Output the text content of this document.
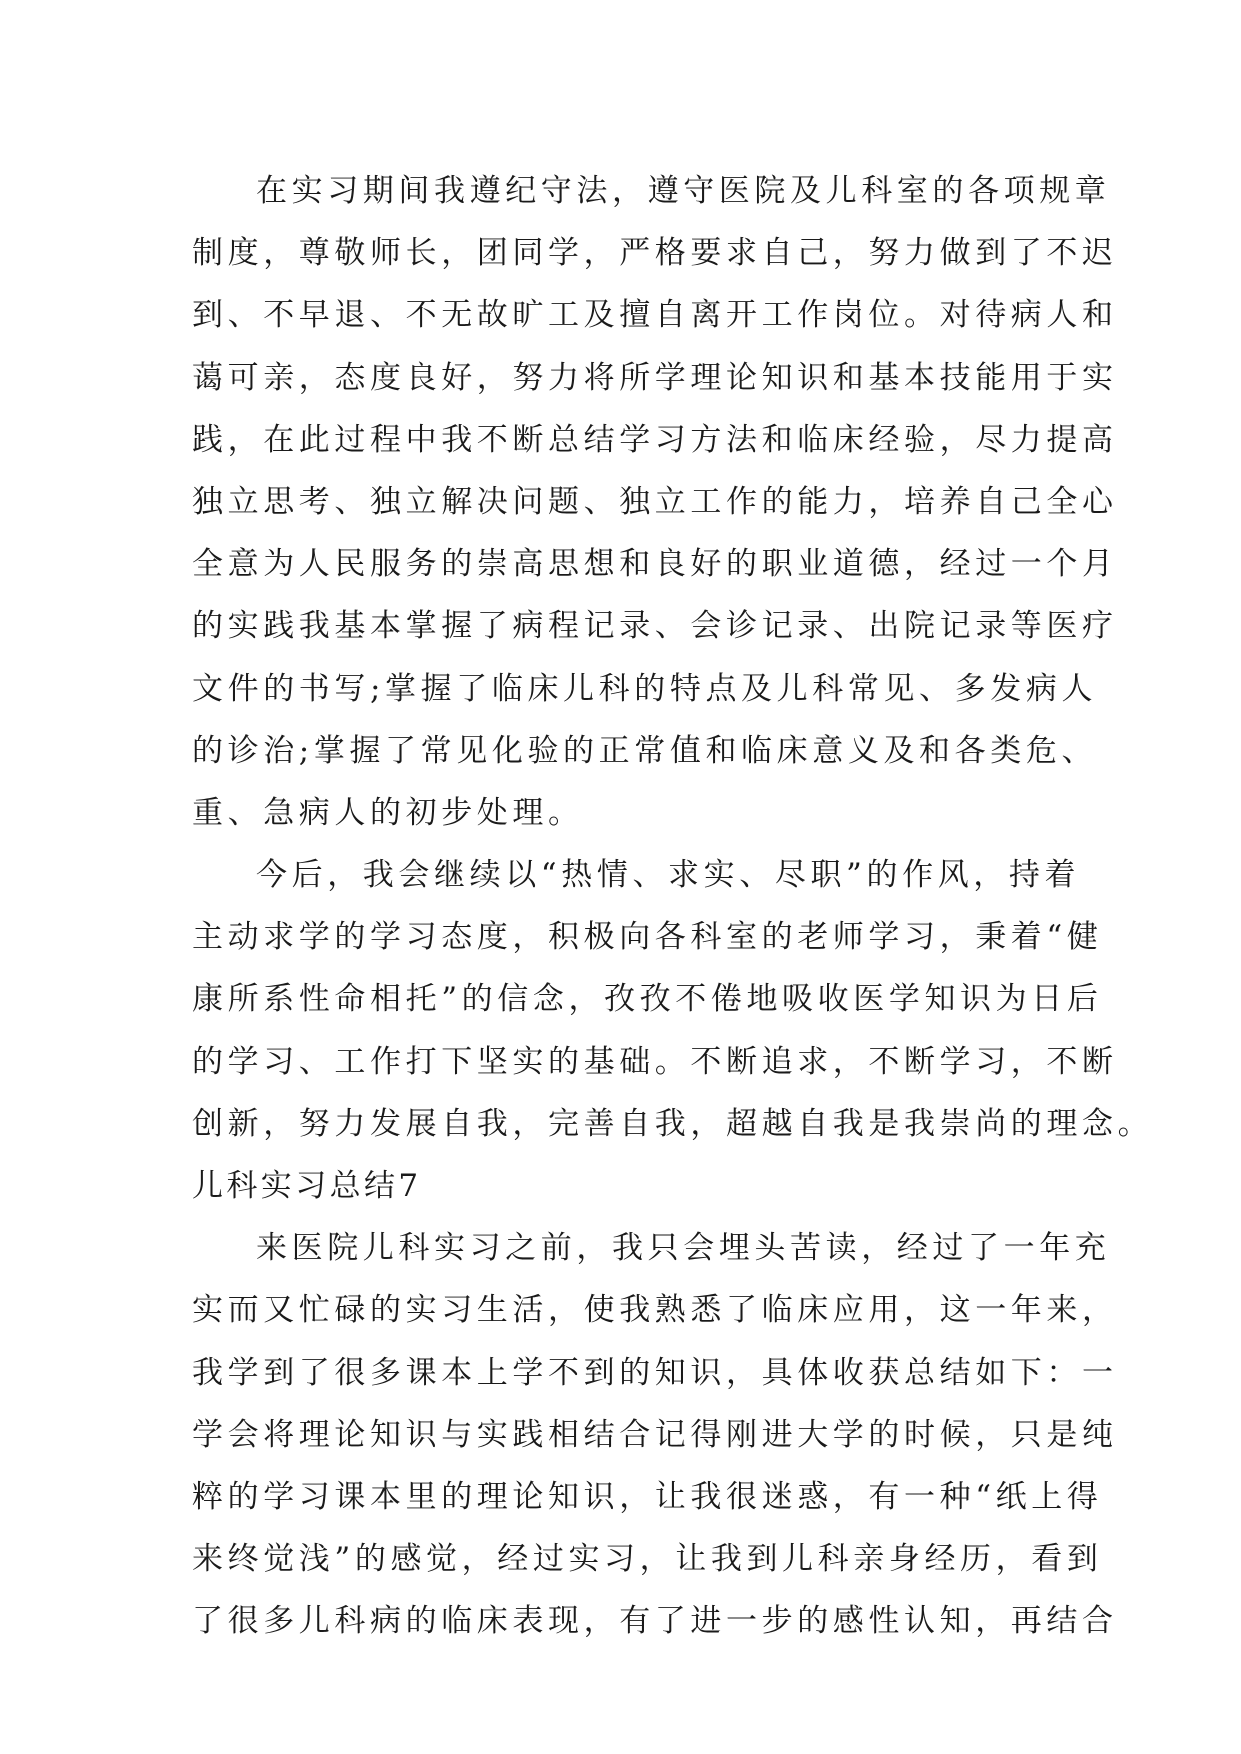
在实习期间我遵纪守法，遵守医院及儿科室的各项规章
制度，尊敬师长，团同学，严格要求自己，努力做到了不迟
到、不早退、不无故旷工及擅自离开工作岗位。对待病人和
蔼可亲，态度良好，努力将所学理论知识和基本技能用于实
践，在此过程中我不断总结学习方法和临床经验，尽力提高
独立思考、独立解决问题、独立工作的能力，培养自己全心
全意为人民服务的崇高思想和良好的职业道德，经过一个月
的实践我基本掌握了病程记录、会诊记录、出院记录等医疗
文件的书写;掌握了临床儿科的特点及儿科常见、多发病人
的诊治;掌握了常见化验的正常值和临床意义及和各类危、
重、急病人的初步处理。
今后，我会继续以“热情、求实、尽职”的作风，持着
主动求学的学习态度，积极向各科室的老师学习，秉着“健
康所系性命相托”的信念，孜孜不倦地吸收医学知识为日后
的学习、工作打下坚实的基础。不断追求，不断学习，不断
创新，努力发展自我，完善自我，超越自我是我崇尚的理念。
儿科实习总结7
来医院儿科实习之前，我只会埋头苦读，经过了一年充
实而又忙碌的实习生活，使我熟悉了临床应用，这一年来，
我学到了很多课本上学不到的知识，具体收获总结如下：一
学会将理论知识与实践相结合记得刚进大学的时候，只是纯
粹的学习课本里的理论知识，让我很迷惑，有一种“纸上得
来终觉浅”的感觉，经过实习，让我到儿科亲身经历，看到
了很多儿科病的临床表现，有了进一步的感性认知，再结合
